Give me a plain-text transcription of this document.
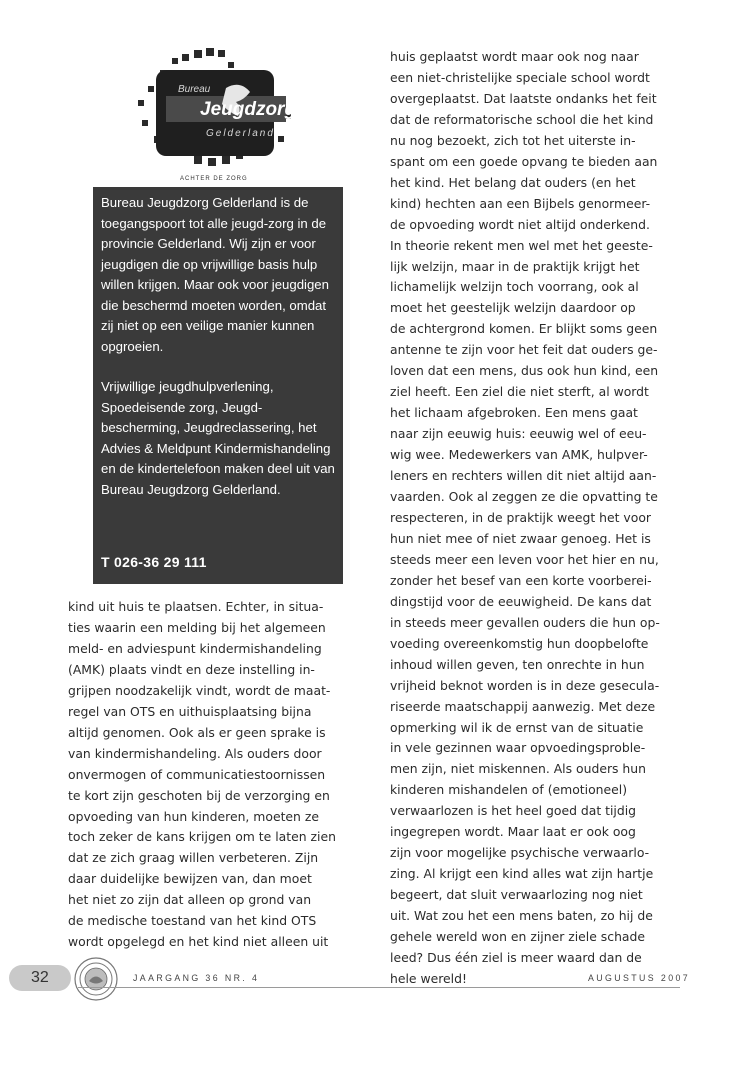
Bureau
Jeugdzorg
Gelderland
ACHTER DE ZORG

Bureau Jeugdzorg Gelderland is de toegangspoort tot alle jeugd-zorg in de provincie Gelderland. Wij zijn er voor jeugdigen die op vrijwillige basis hulp willen krijgen. Maar ook voor jeugdigen die beschermd moeten worden, omdat zij niet op een veilige manier kunnen opgroeien.

Vrijwillige jeugdhulpverlening, Spoedeisende zorg, Jeugd-bescherming, Jeugdreclassering, het Advies & Meldpunt Kindermishandeling en de kindertelefoon maken deel uit van Bureau Jeugdzorg Gelderland.

T 026-36 29 111
kind uit huis te plaatsen. Echter, in situa-
ties waarin een melding bij het algemeen
meld- en adviespunt kindermishandeling
(AMK) plaats vindt en deze instelling in-
grijpen noodzakelijk vindt, wordt de maat-
regel van OTS en uithuisplaatsing bijna
altijd genomen. Ook als er geen sprake is
van kindermishandeling. Als ouders door
onvermogen of communicatiestoornissen
te kort zijn geschoten bij de verzorging en
opvoeding van hun kinderen, moeten ze
toch zeker de kans krijgen om te laten zien
dat ze zich graag willen verbeteren. Zijn
daar duidelijke bewijzen van, dan moet
het niet zo zijn dat alleen op grond van
de medische toestand van het kind OTS
wordt opgelegd en het kind niet alleen uit
huis geplaatst wordt maar ook nog naar
een niet-christelijke speciale school wordt
overgeplaatst. Dat laatste ondanks het feit
dat de reformatorische school die het kind
nu nog bezoekt, zich tot het uiterste in-
spant om een goede opvang te bieden aan
het kind. Het belang dat ouders (en het
kind) hechten aan een Bijbels genormeer-
de opvoeding wordt niet altijd onderkend.
In theorie rekent men wel met het geeste-
lijk welzijn, maar in de praktijk krijgt het
lichamelijk welzijn toch voorrang, ook al
moet het geestelijk welzijn daardoor op
de achtergrond komen. Er blijkt soms geen
antenne te zijn voor het feit dat ouders ge-
loven dat een mens, dus ook hun kind, een
ziel heeft. Een ziel die niet sterft, al wordt
het lichaam afgebroken. Een mens gaat
naar zijn eeuwig huis: eeuwig wel of eeu-
wig wee. Medewerkers van AMK, hulpver-
leners en rechters willen dit niet altijd aan-
vaarden. Ook al zeggen ze die opvatting te
respecteren, in de praktijk weegt het voor
hun niet mee of niet zwaar genoeg. Het is
steeds meer een leven voor het hier en nu,
zonder het besef van een korte voorberei-
dingstijd voor de eeuwigheid. De kans dat
in steeds meer gevallen ouders die hun op-
voeding overeenkomstig hun doopbelofte
inhoud willen geven, ten onrechte in hun
vrijheid beknot worden is in deze geseculа-
riseerde maatschappij aanwezig. Met deze
opmerking wil ik de ernst van de situatie
in vele gezinnen waar opvoedingsproble-
men zijn, niet miskennen. Als ouders hun
kinderen mishandelen of (emotioneel)
verwaarlozen is het heel goed dat tijdig
ingegrepen wordt. Maar laat er ook oog
zijn voor mogelijke psychische verwaarlo-
zing. Al krijgt een kind alles wat zijn hartje
begeert, dat sluit verwaarlozing nog niet
uit. Wat zou het een mens baten, zo hij de
gehele wereld won en zijner ziele schade
leed? Dus één ziel is meer waard dan de
hele wereld!
32	JAARGANG 36 NR. 4	AUGUSTUS 2007
